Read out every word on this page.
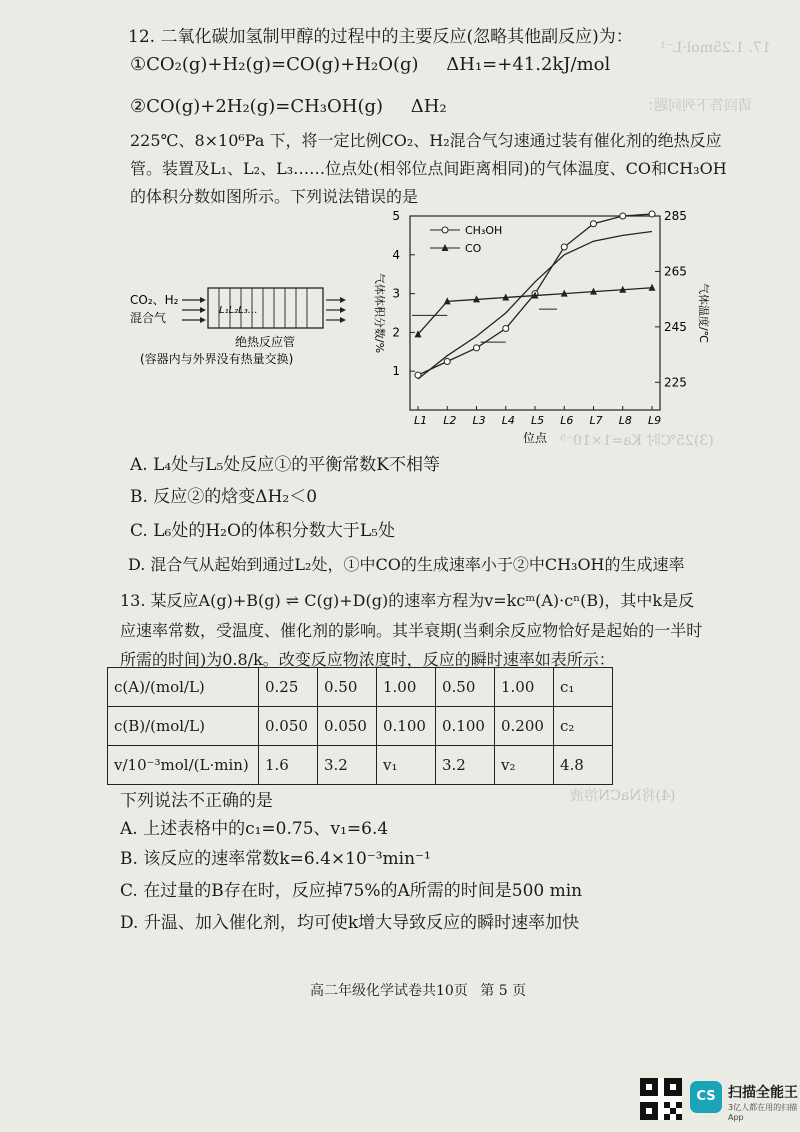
17. 1.25mol·L⁻¹
请回答下列问题：
(3)25℃时 Ka=1×10⁻⁵
(4)将NaCN溶液
12. 二氧化碳加氢制甲醇的过程中的主要反应(忽略其他副反应)为：
①CO₂(g)+H₂(g)=CO(g)+H₂O(g) ΔH₁=+41.2kJ/mol
②CO(g)+2H₂(g)=CH₃OH(g) ΔH₂
225℃、8×10⁶Pa 下，将一定比例CO₂、H₂混合气匀速通过装有催化剂的绝热反应
管。装置及L₁、L₂、L₃……位点处(相邻位点间距离相同)的气体温度、CO和CH₃OH
的体积分数如图所示。下列说法错误的是
CO₂、H₂
混合气
L₁L₂L₃…
绝热反应管
(容器内与外界没有热量交换)
1
2
3
4
5
225
245
265
285
L1 L2 L3 L4 L5 L6 L7 L8 L9
位点
气体体积分数/%	气体温度/℃
CH₃OH
CO
A. L₄处与L₅处反应①的平衡常数K不相等
B. 反应②的焓变ΔH₂＜0
C. L₆处的H₂O的体积分数大于L₅处
D. 混合气从起始到通过L₂处，①中CO的生成速率小于②中CH₃OH的生成速率
13. 某反应A(g)+B(g) ⇌ C(g)+D(g)的速率方程为v=kcᵐ(A)·cⁿ(B)，其中k是反
应速率常数，受温度、催化剂的影响。其半衰期(当剩余反应物恰好是起始的一半时
所需的时间)为0.8/k。改变反应物浓度时，反应的瞬时速率如表所示：
c(A)/(mol/L)	0.25	0.50	1.00	0.50	1.00	c₁
c(B)/(mol/L)	0.050	0.050	0.100	0.100	0.200	c₂
v/10⁻³mol/(L·min)	1.6	3.2	v₁	3.2	v₂	4.8
下列说法不正确的是
A. 上述表格中的c₁=0.75、v₁=6.4
B. 该反应的速率常数k=6.4×10⁻³min⁻¹
C. 在过量的B存在时，反应掉75%的A所需的时间是500 min
D. 升温、加入催化剂，均可使k增大导致反应的瞬时速率加快
高二年级化学试卷共10页 第 5 页
CS 扫描全能王
3亿人都在用的扫描App
